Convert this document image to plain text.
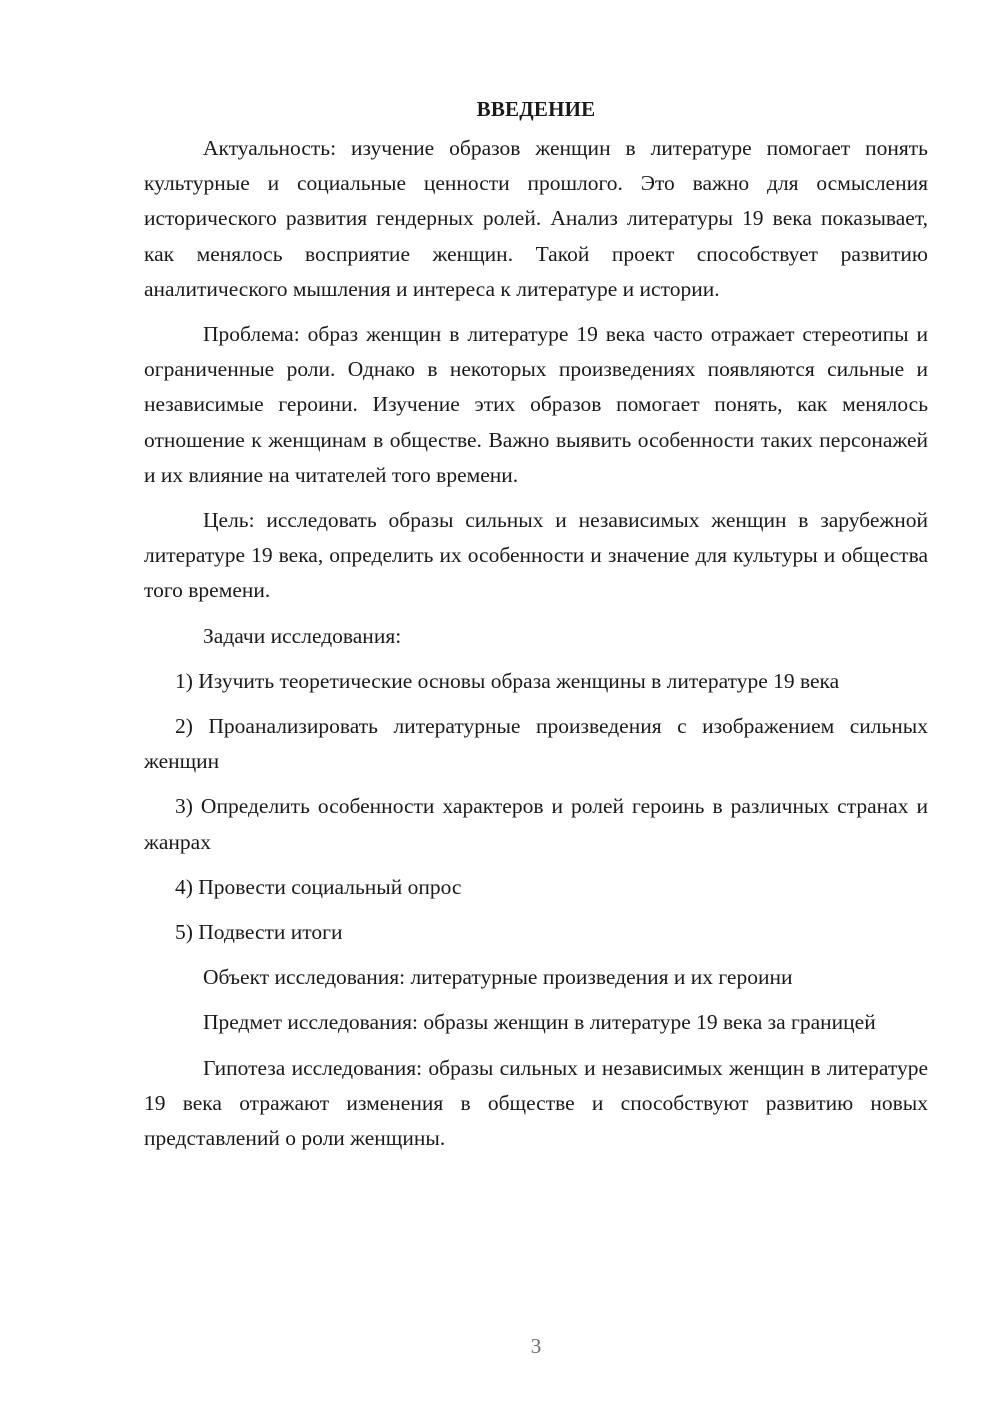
ВВЕДЕНИЕ

Актуальность: изучение образов женщин в литературе помогает понять культурные и социальные ценности прошлого. Это важно для осмысления исторического развития гендерных ролей. Анализ литературы 19 века показывает, как менялось восприятие женщин. Такой проект способствует развитию аналитического мышления и интереса к литературе и истории.

Проблема: образ женщин в литературе 19 века часто отражает стереотипы и ограниченные роли. Однако в некоторых произведениях появляются сильные и независимые героини. Изучение этих образов помогает понять, как менялось отношение к женщинам в обществе. Важно выявить особенности таких персонажей и их влияние на читателей того времени.

Цель: исследовать образы сильных и независимых женщин в зарубежной литературе 19 века, определить их особенности и значение для культуры и общества того времени.

Задачи исследования:

1) Изучить теоретические основы образа женщины в литературе 19 века

2) Проанализировать литературные произведения с изображением сильных женщин

3) Определить особенности характеров и ролей героинь в различных странах и жанрах

4) Провести социальный опрос

5) Подвести итоги

Объект исследования: литературные произведения и их героини

Предмет исследования: образы женщин в литературе 19 века за границей

Гипотеза исследования: образы сильных и независимых женщин в литературе 19 века отражают изменения в обществе и способствуют развитию новых представлений о роли женщины.

3
